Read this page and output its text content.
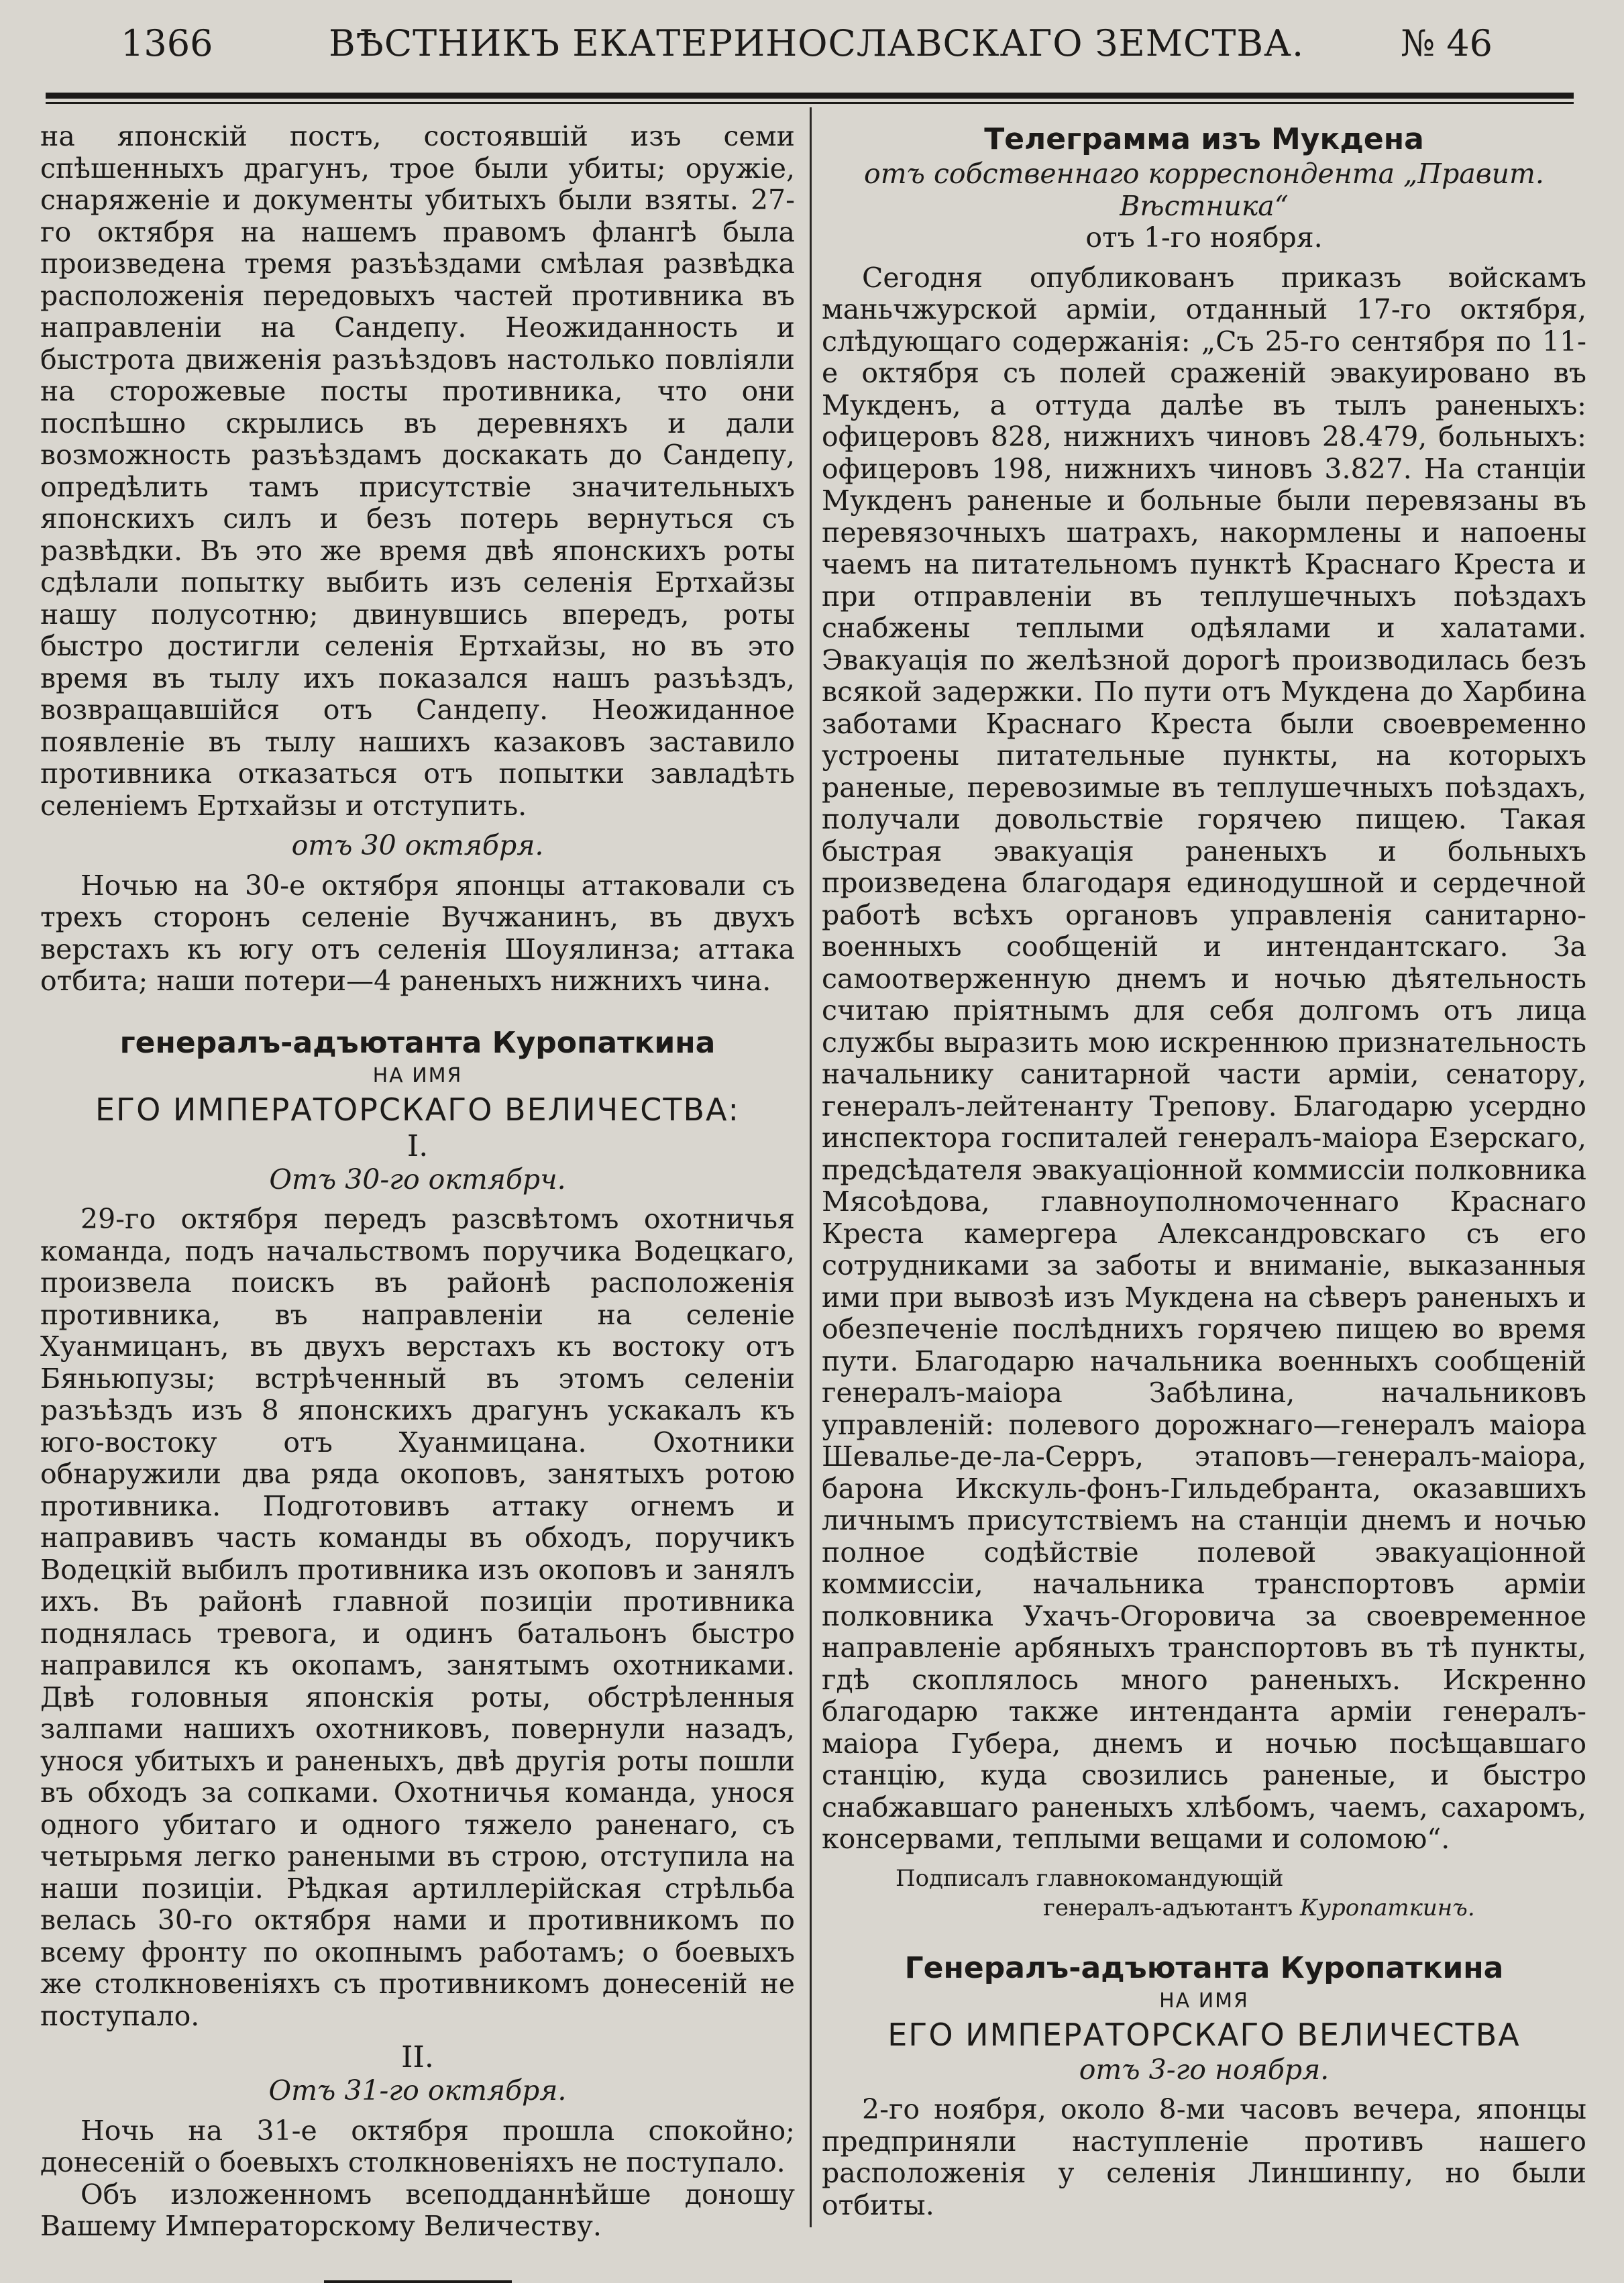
1366	ВѢСТНИКЪ ЕКАТЕРИНОСЛАВСКАГО ЗЕМСТВА.	№ 46

на японскій постъ, состоявшій изъ семи спѣшенныхъ драгунъ, трое были убиты; оружіе, снаряженіе и документы убитыхъ были взяты. 27-го октября на нашемъ правомъ флангѣ была произведена тремя разъѣздами смѣлая развѣдка расположенія передовыхъ частей противника въ направленіи на Сандепу. Неожиданность и быстрота движенія разъѣздовъ настолько повліяли на сторожевые посты противника, что они поспѣшно скрылись въ деревняхъ и дали возможность разъѣздамъ доскакать до Сандепу, опредѣлить тамъ присутствіе значительныхъ японскихъ силъ и безъ потерь вернуться съ развѣдки. Въ это же время двѣ японскихъ роты сдѣлали попытку выбить изъ селенія Ертхайзы нашу полусотню; двинувшись впередъ, роты быстро достигли селенія Ертхайзы, но въ это время въ тылу ихъ показался нашъ разъѣздъ, возвращавшійся отъ Сандепу. Неожиданное появленіе въ тылу нашихъ казаковъ заставило противника отказаться отъ попытки завладѣть селеніемъ Ертхайзы и отступить.

отъ 30 октября.

Ночью на 30-е октября японцы аттаковали съ трехъ сторонъ селеніе Вучжанинъ, въ двухъ верстахъ къ югу отъ селенія Шоуялинза; аттака отбита; наши потери—4 раненыхъ нижнихъ чина.

генералъ-адъютанта Куропаткина

НА ИМЯ

ЕГО ИМПЕРАТОРСКАГО ВЕЛИЧЕСТВА:

I.

Отъ 30-го октябрч.

29-го октября передъ разсвѣтомъ охотничья команда, подъ начальствомъ поручика Водецкаго, произвела поискъ въ районѣ расположенія противника, въ направленіи на селеніе Хуанмицанъ, въ двухъ верстахъ къ востоку отъ Бяньюпузы; встрѣченный въ этомъ селеніи разъѣздъ изъ 8 японскихъ драгунъ ускакалъ къ юго-востоку отъ Хуанмицана. Охотники обнаружили два ряда окоповъ, занятыхъ ротою противника. Подготовивъ аттаку огнемъ и направивъ часть команды въ обходъ, поручикъ Водецкій выбилъ противника изъ окоповъ и занялъ ихъ. Въ районѣ главной позиціи противника поднялась тревога, и одинъ батальонъ быстро направился къ окопамъ, занятымъ охотниками. Двѣ головныя японскія роты, обстрѣленныя залпами нашихъ охотниковъ, повернули назадъ, унося убитыхъ и раненыхъ, двѣ другія роты пошли въ обходъ за сопками. Охотничья команда, унося одного убитаго и одного тяжело раненаго, съ четырьмя легко ранеными въ строю, отступила на наши позиціи. Рѣдкая артиллерійская стрѣльба велась 30-го октября нами и противникомъ по всему фронту по окопнымъ работамъ; о боевыхъ же столкновеніяхъ съ противникомъ донесеній не поступало.

II.

Отъ 31-го октября.

Ночь на 31-е октября прошла спокойно; донесеній о боевыхъ столкновеніяхъ не поступало.

Объ изложенномъ всеподданнѣйше доношу Вашему Императорскому Величеству.

Телеграмма изъ Мукдена

отъ собственнаго корреспондента „Правит. Вѣстника“

отъ 1-го ноября.

Сегодня опубликованъ приказъ войскамъ маньчжурской арміи, отданный 17-го октября, слѣдующаго содержанія: „Съ 25-го сентября по 11-е октября съ полей сраженій эвакуировано въ Мукденъ, а оттуда далѣе въ тылъ раненыхъ: офицеровъ 828, нижнихъ чиновъ 28.479, больныхъ: офицеровъ 198, нижнихъ чиновъ 3.827. На станціи Мукденъ раненые и больные были перевязаны въ перевязочныхъ шатрахъ, накормлены и напоены чаемъ на питательномъ пунктѣ Краснаго Креста и при отправленіи въ теплушечныхъ поѣздахъ снабжены теплыми одѣялами и халатами. Эвакуація по желѣзной дорогѣ производилась безъ всякой задержки. По пути отъ Мукдена до Харбина заботами Краснаго Креста были своевременно устроены питательные пункты, на которыхъ раненые, перевозимые въ теплушечныхъ поѣздахъ, получали довольствіе горячею пищею. Такая быстрая эвакуація раненыхъ и больныхъ произведена благодаря единодушной и сердечной работѣ всѣхъ органовъ управленія санитарно-военныхъ сообщеній и интендантскаго. За самоотверженную днемъ и ночью дѣятельность считаю пріятнымъ для себя долгомъ отъ лица службы выразить мою искреннюю признательность начальнику санитарной части арміи, сенатору, генералъ-лейтенанту Трепову. Благодарю усердно инспектора госпиталей генералъ-маіора Езерскаго, предсѣдателя эвакуаціонной коммиссіи полковника Мясоѣдова, главноуполномоченнаго Краснаго Креста камергера Александровскаго съ его сотрудниками за заботы и вниманіе, выказанныя ими при вывозѣ изъ Мукдена на сѣверъ раненыхъ и обезпеченіе послѣднихъ горячею пищею во время пути. Благодарю начальника военныхъ сообщеній генералъ-маіора Забѣлина, начальниковъ управленій: полевого дорожнаго—генералъ маіора Шевалье-де-ла-Серръ, этаповъ—генералъ-маіора, барона Икскуль-фонъ-Гильдебранта, оказавшихъ личнымъ присутствіемъ на станціи днемъ и ночью полное содѣйствіе полевой эвакуаціонной коммиссіи, начальника транспортовъ арміи полковника Ухачъ-Огоровича за своевременное направленіе арбяныхъ транспортовъ въ тѣ пункты, гдѣ скоплялось много раненыхъ. Искренно благодарю также интенданта арміи генералъ-маіора Губера, днемъ и ночью посѣщавшаго станцію, куда свозились раненые, и быстро снабжавшаго раненыхъ хлѣбомъ, чаемъ, сахаромъ, консервами, теплыми вещами и соломою“.

Подписалъ главнокомандующій

генералъ-адъютантъ Куропаткинъ.

Генералъ-адъютанта Куропаткина

НА ИМЯ

ЕГО ИМПЕРАТОРСКАГО ВЕЛИЧЕСТВА

отъ 3-го ноября.

2-го ноября, около 8-ми часовъ вечера, японцы предприняли наступленіе противъ нашего расположенія у селенія Линшинпу, но были отбиты.
